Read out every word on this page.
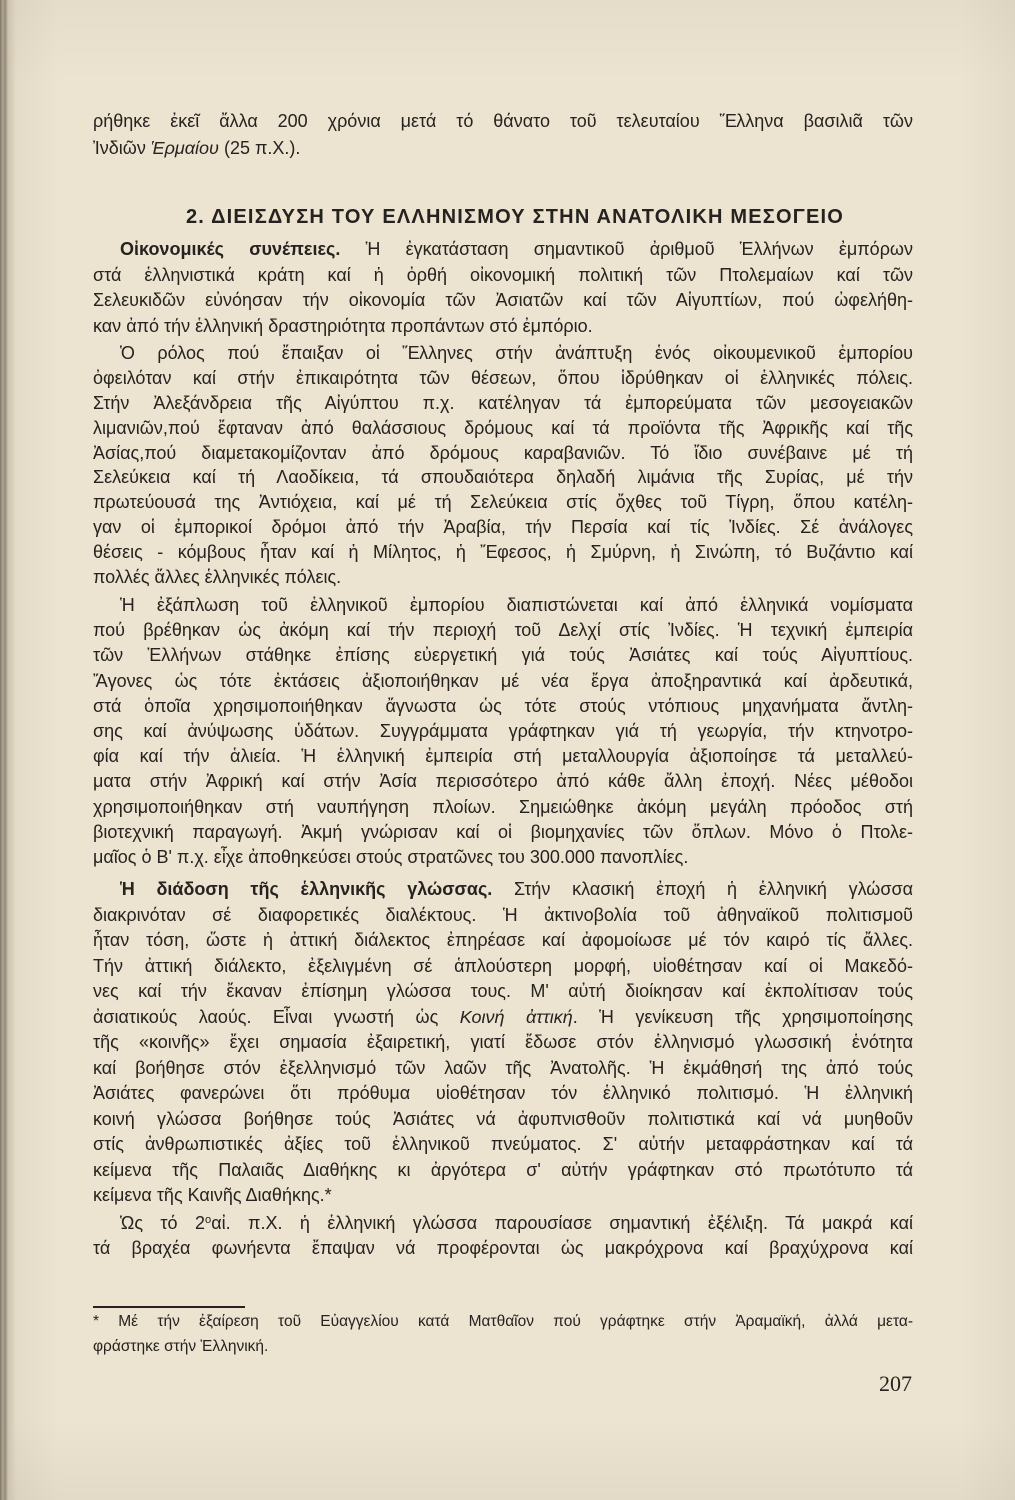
ρήθηκε ἐκεῖ ἄλλα 200 χρόνια μετά τό θάνατο τοῦ τελευταίου Ἕλληνα βασιλιᾶ τῶν
Ἰνδιῶν Ἑρμαίου (25 π.Χ.).
2. ΔΙΕΙΣΔΥΣΗ ΤΟΥ ΕΛΛΗΝΙΣΜΟΥ ΣΤΗΝ ΑΝΑΤΟΛΙΚΗ ΜΕΣΟΓΕΙΟ
Οἰκονομικές συνέπειες. Ἡ ἐγκατάσταση σημαντικοῦ ἀριθμοῦ Ἑλλήνων ἐμπόρων
στά ἑλληνιστικά κράτη καί ἡ ὀρθή οἰκονομική πολιτική τῶν Πτολεμαίων καί τῶν
Σελευκιδῶν εὐνόησαν τήν οἰκονομία τῶν Ἀσιατῶν καί τῶν Αἰγυπτίων, πού ὠφελήθη-
καν ἀπό τήν ἑλληνική δραστηριότητα προπάντων στό ἐμπόριο.
Ὁ ρόλος πού ἔπαιξαν οἱ Ἕλληνες στήν ἀνάπτυξη ἑνός οἰκουμενικοῦ ἐμπορίου
ὀφειλόταν καί στήν ἐπικαιρότητα τῶν θέσεων, ὅπου ἱδρύθηκαν οἱ ἑλληνικές πόλεις.
Στήν Ἀλεξάνδρεια τῆς Αἰγύπτου π.χ. κατέληγαν τά ἐμπορεύματα τῶν μεσογειακῶν
λιμανιῶν,πού ἔφταναν ἀπό θαλάσσιους δρόμους καί τά προϊόντα τῆς Ἀφρικῆς καί τῆς
Ἀσίας,πού διαμετακομίζονταν ἀπό δρόμους καραβανιῶν. Τό ἴδιο συνέβαινε μέ τή
Σελεύκεια καί τή Λαοδίκεια, τά σπουδαιότερα δηλαδή λιμάνια τῆς Συρίας, μέ τήν
πρωτεύουσά της Ἀντιόχεια, καί μέ τή Σελεύκεια στίς ὄχθες τοῦ Τίγρη, ὅπου κατέλη-
γαν οἱ ἐμπορικοί δρόμοι ἀπό τήν Ἀραβία, τήν Περσία καί τίς Ἰνδίες. Σέ ἀνάλογες
θέσεις - κόμβους ἦταν καί ἡ Μίλητος, ἡ Ἔφεσος, ἡ Σμύρνη, ἡ Σινώπη, τό Βυζάντιο καί
πολλές ἄλλες ἑλληνικές πόλεις.
Ἡ ἐξάπλωση τοῦ ἑλληνικοῦ ἐμπορίου διαπιστώνεται καί ἀπό ἑλληνικά νομίσματα
πού βρέθηκαν ὡς ἀκόμη καί τήν περιοχή τοῦ Δελχί στίς Ἰνδίες. Ἡ τεχνική ἐμπειρία
τῶν Ἑλλήνων στάθηκε ἐπίσης εὐεργετική γιά τούς Ἀσιάτες καί τούς Αἰγυπτίους.
Ἄγονες ὡς τότε ἐκτάσεις ἀξιοποιήθηκαν μέ νέα ἔργα ἀποξηραντικά καί ἀρδευτικά,
στά ὁποῖα χρησιμοποιήθηκαν ἄγνωστα ὡς τότε στούς ντόπιους μηχανήματα ἄντλη-
σης καί ἀνύψωσης ὑδάτων. Συγγράμματα γράφτηκαν γιά τή γεωργία, τήν κτηνοτρο-
φία καί τήν ἁλιεία. Ἡ ἑλληνική ἐμπειρία στή μεταλλουργία ἀξιοποίησε τά μεταλλεύ-
ματα στήν Ἀφρική καί στήν Ἀσία περισσότερο ἀπό κάθε ἄλλη ἐποχή. Νέες μέθοδοι
χρησιμοποιήθηκαν στή ναυπήγηση πλοίων. Σημειώθηκε ἀκόμη μεγάλη πρόοδος στή
βιοτεχνική παραγωγή. Ἀκμή γνώρισαν καί οἱ βιομηχανίες τῶν ὅπλων. Μόνο ὁ Πτολε-
μαῖος ὁ Β' π.χ. εἶχε ἀποθηκεύσει στούς στρατῶνες του 300.000 πανοπλίες.
Ἡ διάδοση τῆς ἑλληνικῆς γλώσσας. Στήν κλασική ἐποχή ἡ ἑλληνική γλώσσα
διακρινόταν σέ διαφορετικές διαλέκτους. Ἡ ἀκτινοβολία τοῦ ἀθηναϊκοῦ πολιτισμοῦ
ἦταν τόση, ὥστε ἡ ἀττική διάλεκτος ἐπηρέασε καί ἀφομοίωσε μέ τόν καιρό τίς ἄλλες.
Τήν ἀττική διάλεκτο, ἐξελιγμένη σέ ἁπλούστερη μορφή, υἱοθέτησαν καί οἱ Μακεδό-
νες καί τήν ἔκαναν ἐπίσημη γλώσσα τους. Μ' αὐτή διοίκησαν καί ἐκπολίτισαν τούς
ἀσιατικούς λαούς. Εἶναι γνωστή ὡς Κοινή ἀττική. Ἡ γενίκευση τῆς χρησιμοποίησης
τῆς «κοινῆς» ἔχει σημασία ἐξαιρετική, γιατί ἔδωσε στόν ἑλληνισμό γλωσσική ἑνότητα
καί βοήθησε στόν ἐξελληνισμό τῶν λαῶν τῆς Ἀνατολῆς. Ἡ ἐκμάθησή της ἀπό τούς
Ἀσιάτες φανερώνει ὅτι πρόθυμα υἱοθέτησαν τόν ἑλληνικό πολιτισμό. Ἡ ἑλληνική
κοινή γλώσσα βοήθησε τούς Ἀσιάτες νά ἀφυπνισθοῦν πολιτιστικά καί νά μυηθοῦν
στίς ἀνθρωπιστικές ἀξίες τοῦ ἑλληνικοῦ πνεύματος. Σ' αὐτήν μεταφράστηκαν καί τά
κείμενα τῆς Παλαιᾶς Διαθήκης κι ἀργότερα σ' αὐτήν γράφτηκαν στό πρωτότυπο τά
κείμενα τῆς Καινῆς Διαθήκης.*
Ὡς τό $2^o\alpha ἰ$. π.Χ. ἡ ἑλληνική γλώσσα παρουσίασε σημαντική ἐξέλιξη. Τά μακρά καί
τά βραχέα φωνήεντα ἔπαψαν νά προφέρονται ὡς μακρόχρονα καί βραχύχρονα καί
* Μέ τήν ἐξαίρεση τοῦ Εὐαγγελίου κατά Ματθαῖον πού γράφτηκε στήν Ἀραμαϊκή, ἀλλά μετα-
φράστηκε στήν Ἑλληνική.
207
